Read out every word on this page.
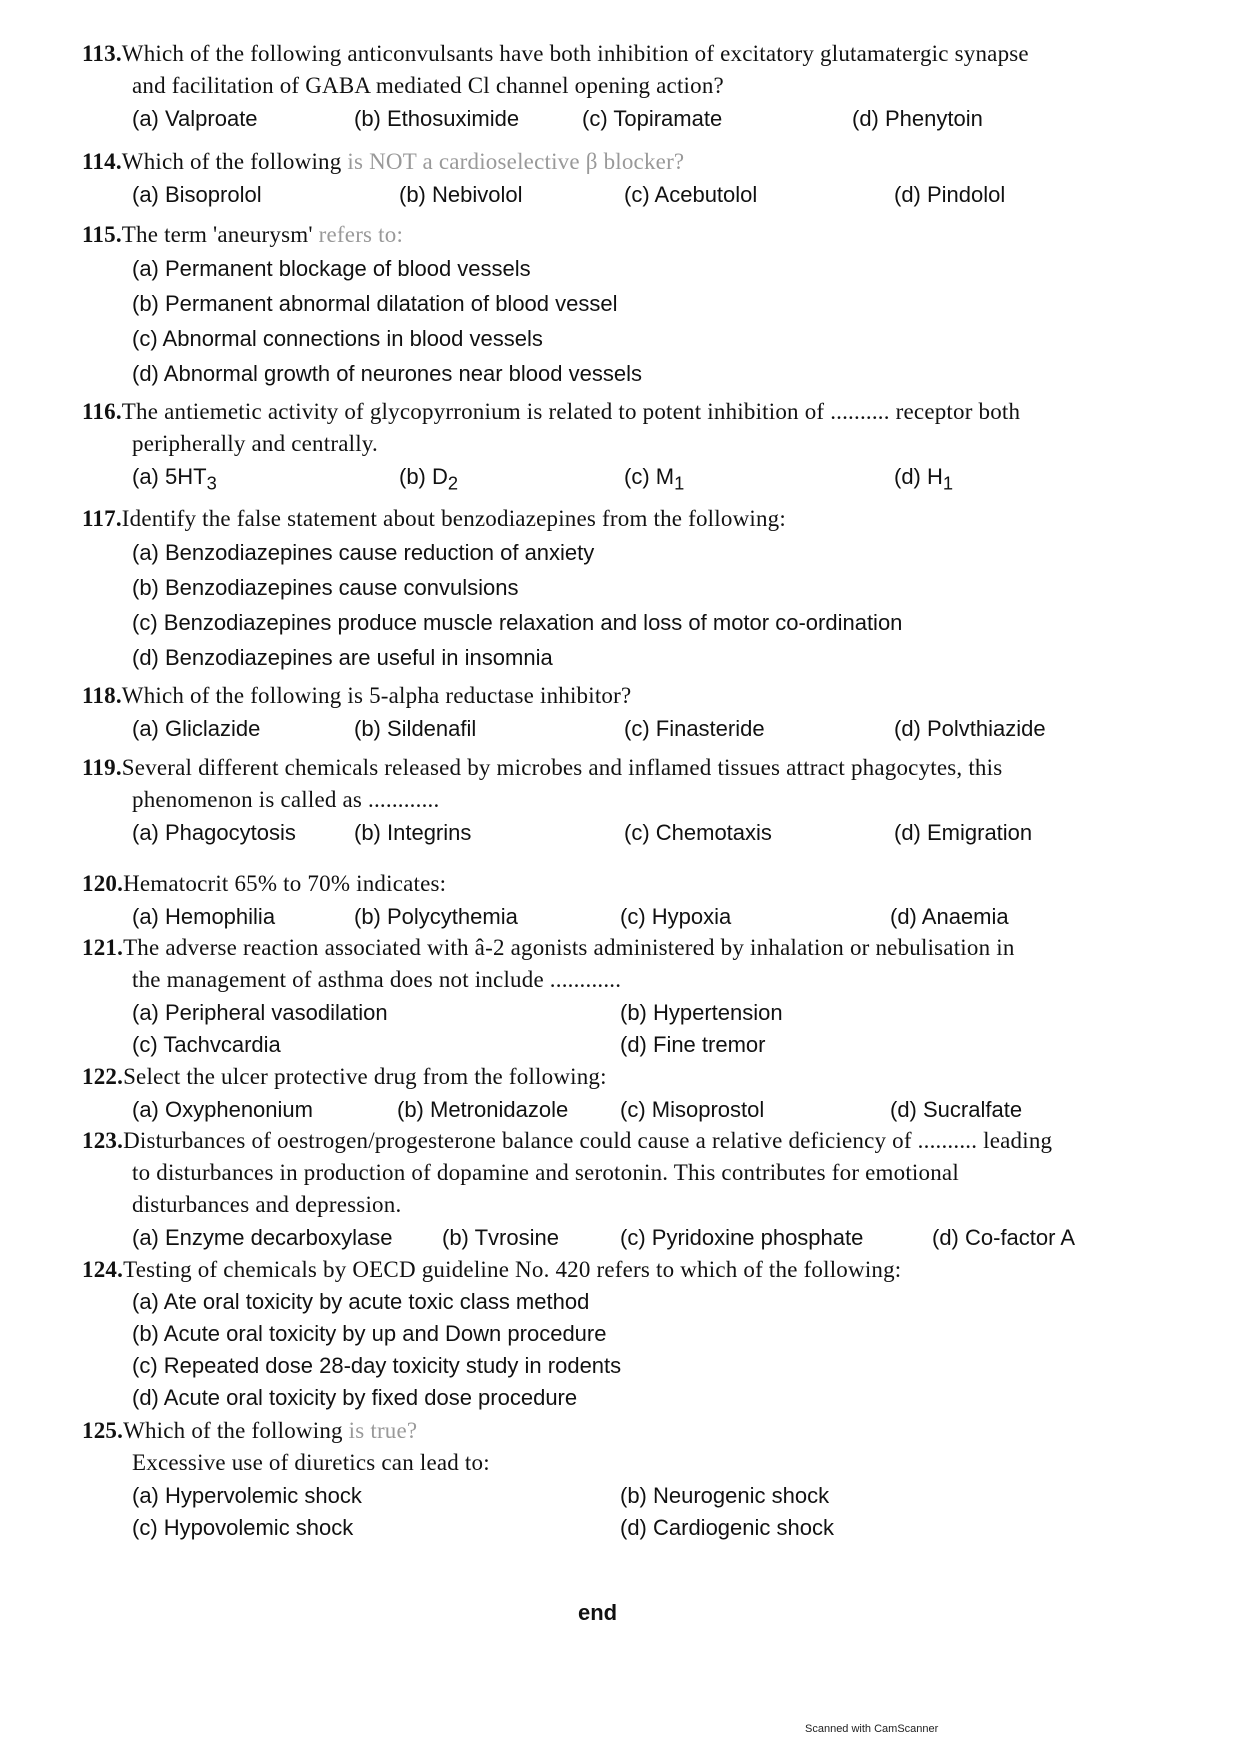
113.Which of the following anticonvulsants have both inhibition of excitatory glutamatergic synapse
and facilitation of GABA mediated Cl channel opening action?
(a) Valproate	(b) Ethosuximide	(c) Topiramate	(d) Phenytoin
114.Which of the following is NOT a cardioselective β blocker?
(a) Bisoprolol	(b) Nebivolol	(c) Acebutolol	(d) Pindolol
115.The term 'aneurysm' refers to:
(a) Permanent blockage of blood vessels
(b) Permanent abnormal dilatation of blood vessel
(c) Abnormal connections in blood vessels
(d) Abnormal growth of neurones near blood vessels
116.The antiemetic activity of glycopyrronium is related to potent inhibition of .......... receptor both
peripherally and centrally.
(a) $5HT_3$	(b) $D_2$	(c) $M_1$	(d) $H_1$
117.Identify the false statement about benzodiazepines from the following:
(a) Benzodiazepines cause reduction of anxiety
(b) Benzodiazepines cause convulsions
(c) Benzodiazepines produce muscle relaxation and loss of motor co-ordination
(d) Benzodiazepines are useful in insomnia
118.Which of the following is 5-alpha reductase inhibitor?
(a) Gliclazide	(b) Sildenafil	(c) Finasteride	(d) Polvthiazide
119.Several different chemicals released by microbes and inflamed tissues attract phagocytes, this
phenomenon is called as ............
(a) Phagocytosis	(b) Integrins	(c) Chemotaxis	(d) Emigration
120.Hematocrit 65% to 70% indicates:
(a) Hemophilia	(b) Polycythemia	(c) Hypoxia	(d) Anaemia
121.The adverse reaction associated with â-2 agonists administered by inhalation or nebulisation in
the management of asthma does not include ............
(a) Peripheral vasodilation	(b) Hypertension
(c) Tachvcardia	(d) Fine tremor
122.Select the ulcer protective drug from the following:
(a) Oxyphenonium	(b) Metronidazole (c) Misoprostol	(d) Sucralfate
123.Disturbances of oestrogen/progesterone balance could cause a relative deficiency of .......... leading
to disturbances in production of dopamine and serotonin. This contributes for emotional
disturbances and depression.
(a) Enzyme decarboxylase (b) Tvrosine	(c) Pyridoxine phosphate	(d) Co-factor A
124.Testing of chemicals by OECD guideline No. 420 refers to which of the following:
(a) Ate oral toxicity by acute toxic class method
(b) Acute oral toxicity by up and Down procedure
(c) Repeated dose 28-day toxicity study in rodents
(d) Acute oral toxicity by fixed dose procedure
125.Which of the following is true?
Excessive use of diuretics can lead to:
(a) Hypervolemic shock	(b) Neurogenic shock
(c) Hypovolemic shock	(d) Cardiogenic shock
end
Scanned with CamScanner
